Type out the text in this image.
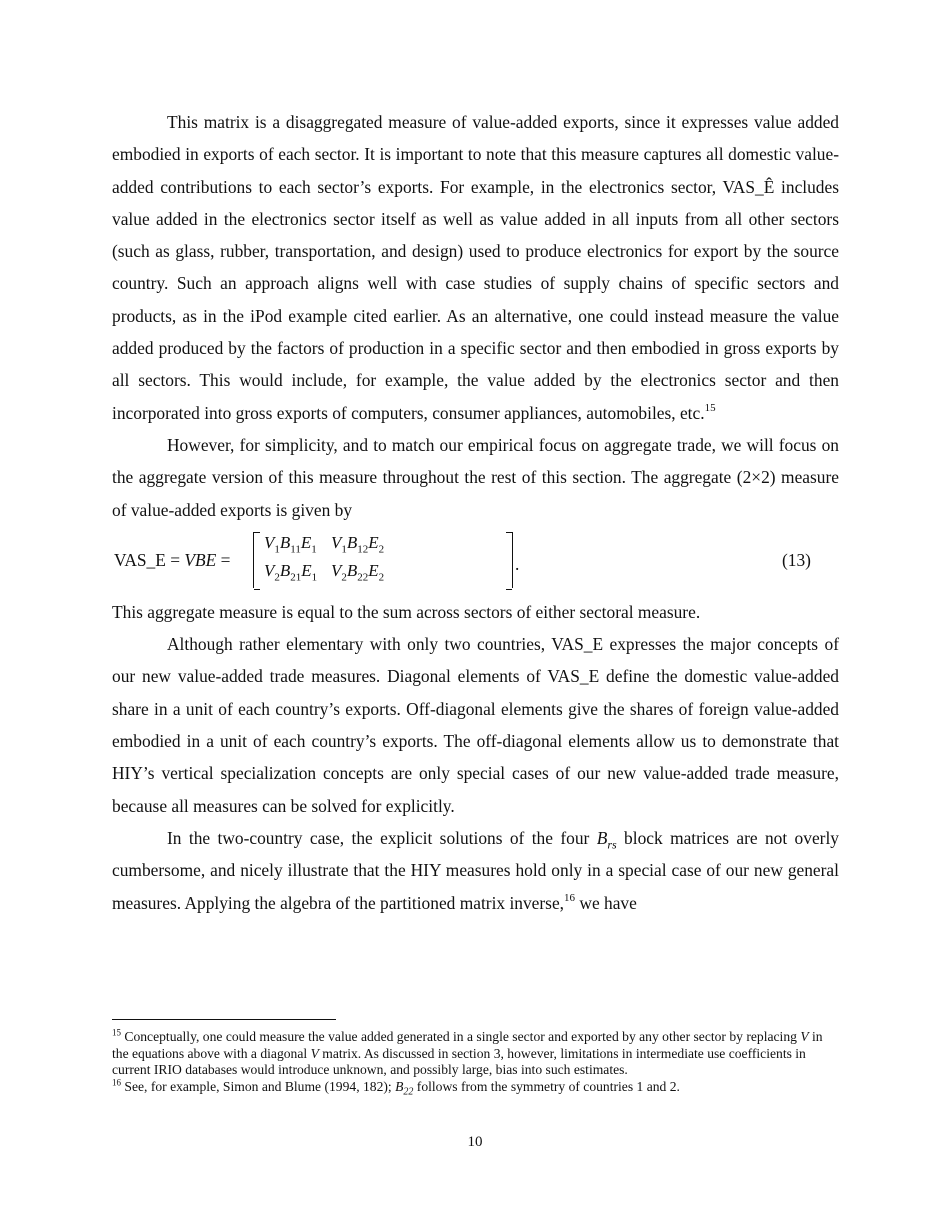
This matrix is a disaggregated measure of value-added exports, since it expresses value added embodied in exports of each sector. It is important to note that this measure captures all domestic value-added contributions to each sector’s exports. For example, in the electronics sector, VAS_Ê includes value added in the electronics sector itself as well as value added in all inputs from all other sectors (such as glass, rubber, transportation, and design) used to produce electronics for export by the source country. Such an approach aligns well with case studies of supply chains of specific sectors and products, as in the iPod example cited earlier. As an alternative, one could instead measure the value added produced by the factors of production in a specific sector and then embodied in gross exports by all sectors. This would include, for example, the value added by the electronics sector and then incorporated into gross exports of computers, consumer appliances, automobiles, etc.$^{15}$

However, for simplicity, and to match our empirical focus on aggregate trade, we will focus on the aggregate version of this measure throughout the rest of this section. The aggregate (2×2) measure of value-added exports is given by

VAS_E = VBE =
$V_1B_{11}E_1$ $V_1B_{12}E_2$
$V_2B_{21}E_1$ $V_2B_{22}E_2$
.	(13)

This aggregate measure is equal to the sum across sectors of either sectoral measure.

Although rather elementary with only two countries, VAS_E expresses the major concepts of our new value-added trade measures. Diagonal elements of VAS_E define the domestic value-added share in a unit of each country’s exports. Off-diagonal elements give the shares of foreign value-added embodied in a unit of each country’s exports. The off-diagonal elements allow us to demonstrate that HIY’s vertical specialization concepts are only special cases of our new value-added trade measure, because all measures can be solved for explicitly.

In the two-country case, the explicit solutions of the four $B_{rs}$ block matrices are not overly cumbersome, and nicely illustrate that the HIY measures hold only in a special case of our new general measures. Applying the algebra of the partitioned matrix inverse,$^{16}$ we have

$^{15}$ Conceptually, one could measure the value added generated in a single sector and exported by any other sector by replacing V in the equations above with a diagonal V matrix. As discussed in section 3, however, limitations in intermediate use coefficients in current IRIO databases would introduce unknown, and possibly large, bias into such estimates.

$^{16}$ See, for example, Simon and Blume (1994, 182); $B_{22}$ follows from the symmetry of countries 1 and 2.

10
